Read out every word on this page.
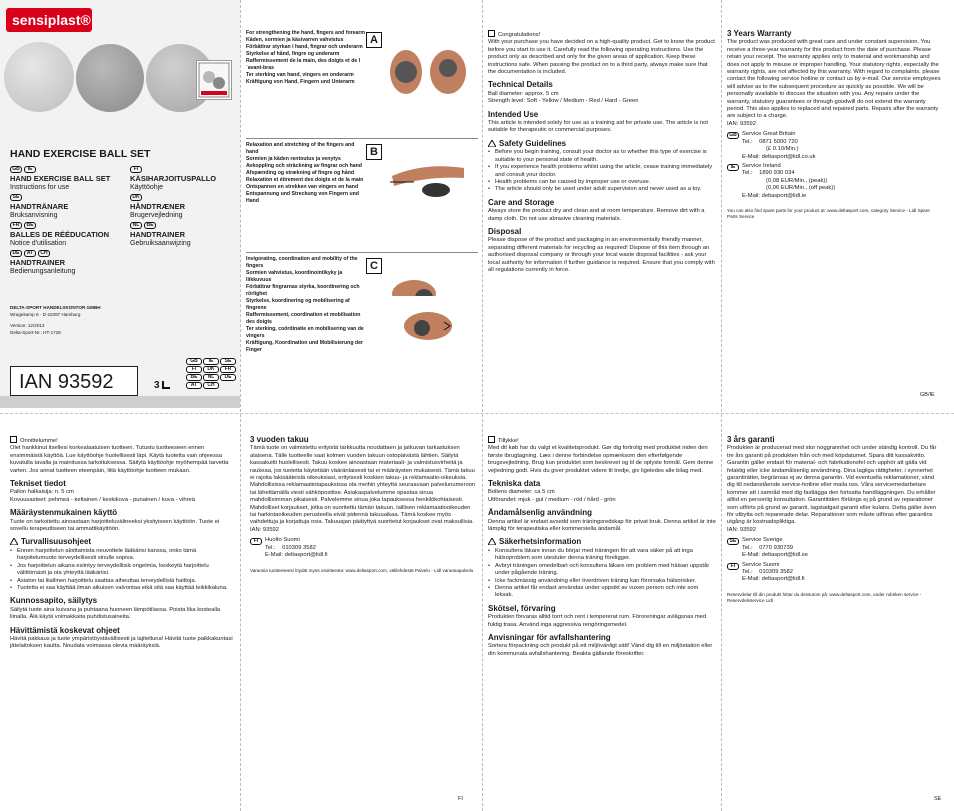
sensiplast®
HAND EXERCISE BALL SET
GB	IE
HAND EXERCISE BALL SET
Instructions for use
SE
HANDTRÄNARE
Bruksanvisning
FR	BE
BALLES DE RÉÉDUCATION
Notice d'utilisation
DE	AT	CH
HANDTRAINER
Bedienungsanleitung
FI
KÄSIHARJOITUSPALLO
Käyttöohje
DK
HÅNDTRÆNER
Brugervejledning
NL	BE
HANDTRAINER
Gebruiksaanwijzing
DELTA-SPORT HANDELSKONTOR GMBH
Wragekamp 6 · D-22397 Hamburg
Version: 12/2013
Delta-Sport-Nr.: HT-1728
IAN 93592	3
GB	IE	SE
FI	DK	FR
BE	NL	DE
AT	CH
For strengthening the hand, fingers and forearm
Käden, sormien ja käsivarren vahvistus
Förbättrar styrkan i hand, fingrar och underarm
Styrkelse af hånd, fingre og underarm
Raffermissement de la main, des doigts et de l´avant-bras
Ter sterking van hand, vingers en onderarm
Kräftigung von Hand, Fingern und Unterarm
A
Relaxation and stretching of the fingers and hand
Sormien ja käden rentoutus ja venytys
Avkoppling och sträckning av fingrar och hand
Afspænding og strækning af fingre og hånd
Relaxation et étirement des doigts et de la main
Ontspannen en strekken van vingers en hand
Entspannung und Streckung von Fingern und Hand
B
Invigorating, coordination and mobility of the fingers
Sormien vahvistus, koordinointikyky ja liikkuvuus
Förbättrar fingrarnas styrka, koordinering och rörlighet
Styrkelse, koordinering og mobilisering af fingrene
Raffermissement, coordination et mobilisation des doigts
Ter sterking, coördinatie en mobilisering van de vingers
Kräftigung, Koordination und Mobilisierung der Finger
C

Congratulations!

With your purchase you have decided on a high-quality product. Get to know the product before you start to use it. Carefully read the following operating instructions. Use the product only as described and only for the given areas of application. Keep these instructions safe. When passing the product on to a third party, always make sure that the documentation is included.

Technical Details

Ball diameter: approx. 5 cm

Strength level: Soft - Yellow / Medium - Red / Hard - Green

Intended Use

This article is intended solely for use as a training aid for private use. The article is not suitable for therapeutic or commercial purposes.

Safety Guidelines
• Before you begin training, consult your doctor as to whether this type of exercise is suitable to your personal state of health.
• If you experience health problems whilst using the article, cease training immediately and consult your doctor.
• Health problems can be caused by improper use or overuse.
• The article should only be used under adult supervision and never used as a toy.
Care and Storage

Always store the product dry and clean and at room temperature. Remove dirt with a damp cloth. Do not use abrasive cleaning materials.

Disposal

Please dispose of the product and packaging in an environmentally friendly manner, separating different materials for recycling as required! Dispose of this item through an authorised disposal company or through your local waste disposal facilities - ask your local authority for information if further guidance is required. Ensure that you comply with all regulations currently in force.

3 Years Warranty

The product was produced with great care and under constant supervision. You receive a three-year warranty for this product from the date of purchase. Please retain your receipt. The warranty applies only to material and workmanship and does not apply to misuse or improper handling. Your statutory rights, especially the warranty rights, are not affected by this warranty. With regard to complaints, please contact the following service hotline or contact us by e-mail. Our service employees will advise as to the subsequent procedure as quickly as possible. We will be personally available to discuss the situation with you. Any repairs under the warranty, statutory guarantees or through goodwill do not extend the warranty period. This also applies to replaced and repaired parts. Repairs after the warranty are subject to a charge.

IAN: 93592

GB Service Great Britain

Tel.: 0871 5000 720

(£ 0.10/Min.)

E-Mail: deltasport@lidl.co.uk

IE	Service Ireland

Tel.: 1890 930 034

(0,08 EUR/Min., (peak))

(0,06 EUR/Min., (off peak))

E-Mail: deltasport@lidl.ie

You can also find spare parts for your product at: www.deltasport.com, category Service - Lidl Spare Parts Service

GB/IE

Onnittelumme!

Olet hankkinut itsellesi korkealaatuisen tuotteen. Tutustu tuotteeseen ennen ensimmäistä käyttöä. Lue käyttöohje huolellisesti läpi. Käytä tuotetta vain ohjeessa kuvatulla tavalla ja mainitussa tarkoituksessa. Säilytä käyttöohje myöhempää tarvetta varten. Jos annat tuotteen eteenpäin, liitä käyttöohje tuotteen mukaan.

Tekniset tiedot

Pallon halkaisija: n. 5 cm

Kovuusasteet: pehmeä - keltainen / keskikova - punainen / kova - vihreä

Määräystenmukainen käyttö

Tuote on tarkoitettu ainoastaan harjoitteluvälineeksi yksityiseen käyttöön. Tuote ei sovellu terapeuttiseen tai ammattikäyttöön.

Turvallisuusohjeet
• Ennen harjoittelun aloittamista neuvottele lääkärisi kanssa, onko tämä harjoitelumuoto terveydellisesti sinulle sopiva.
• Jos harjoittelun aikana esiintyy terveydellisiä ongelmia, keskeytä harjoittelu välittömästi ja ota yhteyttä lääkäriisi.
• Asiaton tai liiallinen harjoittelu saattaa aiheuttaa terveydellisiä haittoja.
• Tuotetta ei saa käyttää ilman aikuisen valvontaa eikä sitä saa käyttää leikkikaluna.
Kunnossapito, säilytys

Säilytä tuote aina kuivana ja puhtaana huoneen lämpötilassa. Poista lika kostealla liinalla. Älä käytä voimakkaita puhdistusaineita.

Hävittämistä koskevat ohjeet

Hävitä pakkaus ja tuote ympäristöystävällisesti ja lajiteltuna! Hävitä tuote paikkakuntasi jätelaitoksen kautta. Noudata voimassa olevia määräyksiä.

3 vuoden takuu

Tämä tuote on valmistettu erityistä tarkkuutta noudattaen ja jatkuvan tarkastuksen alaisena. Tälle tuotteelle saat kolmen vuoden takuun ostopäivästä lähtien. Säilytä kassakuitti huolellisesti. Takuu koskee ainoastaan materiaali- ja valmistusvirheitä ja raukeaa, jos tuotetta käytetään vääränlaisesti tai ei määräysten mukaisesti. Tämä takuu ei rajoita lakisääteisiä oikeuksiasi, erityisesti koskien takuu- ja reklamaatio-oikeuksia. Mahdollisissa reklamaatiotapauksissa ota meihin yhteyttä seuraavaan palvelunumeroon tai lähettämällä viesti sähköpostitse. Asiakaspalvelumme opastaa sinua mahdollisimman pikaisesti. Palvelemme sinua joka tapauksessa henkilökohtaisesti. Mahdolliset korjaukset, jotka on suoritettu tämän takuun, laillisen reklamaatiooikeuden tai harkintaoikeuden perusteella eivät pidennä takuuaikaa. Tämä koskee myös vaihdettuja ja korjattuja osia. Takuuajan päätyttyä suoritetut korjaukset ovat maksullisia.

IAN: 93592

FI	Huolto Suomi

Tel.: 010309 3582

E-Mail: deltasport@lidl.fi

Varaosia tuotteeseesi löydät myös osoitteesta: www.deltasport.com, välilehdestä Palvelu - Lidl varaosapalvelu

FI

Tillykke!

Med dit køb har du valgt et kvalitetsprodukt. Gør dig fortrolig med produktet inden den første ibrugtagning. Læs i denne forbindelse opmærksom den efterfølgende brugsvejledning. Brug kun produktet som beskrevet og til de oplyste formål. Gem denne vejledning godt. Hvis du giver produktet videre til tredje, giv ligeledes alle bilag med.

Tekniska data

Bollens diameter: ca 5 cm

Utförandet: mjuk - gul / medium - röd / hård - grön

Ändamålsenlig användning

Denna artikel är endast avsedd som träningsredskap för privat bruk. Denna artikel är inte lämplig för terapeutiska eller kommersiella ändamål.

Säkerhetsinformation
• Konsultera läkare innan du börjar med träningen för att vara säker på att inga hälsoproblem som utesluter denna träning föreligger.
• Avbryt träningen omedelbart och konsultera läkare om problem med hälsan uppstår under pågående träning.
• Icke fackmässig användning eller överdriven träning kan förorsaka hälsorisker.
• Denna artikel får endast användas under uppsikt av vuxen person och inte som leksak.
Skötsel, förvaring

Produkten förvaras alltid torrt och rent i tempererat rum. Föroreningar avlägsnas med fuktig trasa. Använd inga aggressiva rengöringsmedel.

Anvisningar för avfallshantering

Sortera förpackning och produkt på ett miljövänligt sätt! Vänd dig till en miljöstation eller din kommunala avfallshantering. Beakta gällande föreskrifter.

3 års garanti

Produkten är producerad med stor noggrannhet och under ständig kontroll. Du får tre års garanti på produkten från och med köpdatumet. Spara ditt kassakvitto. Garantin gäller endast för material- och fabrikationsfel och upphör att gälla vid felaktig eller icke ändamålsenlig användning. Dina lagliga rättigheter, i synnerhet garantirätter, begränsas ej av denna garantin. Vid eventuella reklamationer, vänd dig till nedanstående service-hotline eller maila oss. Våra servicemedarbetare kommer att i samråd med dig fastlägga den fortsatta handläggningen. Du erhåller alltid en personlig konsultation. Garantitiden förlängs ej på grund av reparationer som utförts på grund av garanti, lagstadgad garanti eller kulans. Detta gäller även för utbytta och reparerade delar. Reparationer som måste utföras efter garantins utgång är kostnadspliktiga.

IAN: 93592

SE Service Sverige

Tel.: 0770 930739

E-Mail: deltasport@lidl.se

FI	Service Suomi

Tel.: 010309 3582

E-Mail: deltasport@lidl.fi

Reservdelar till din produkt hittar du dessutom på: www.deltasport.com, under rubriken service - Reservdelsservice Lidl

SE
